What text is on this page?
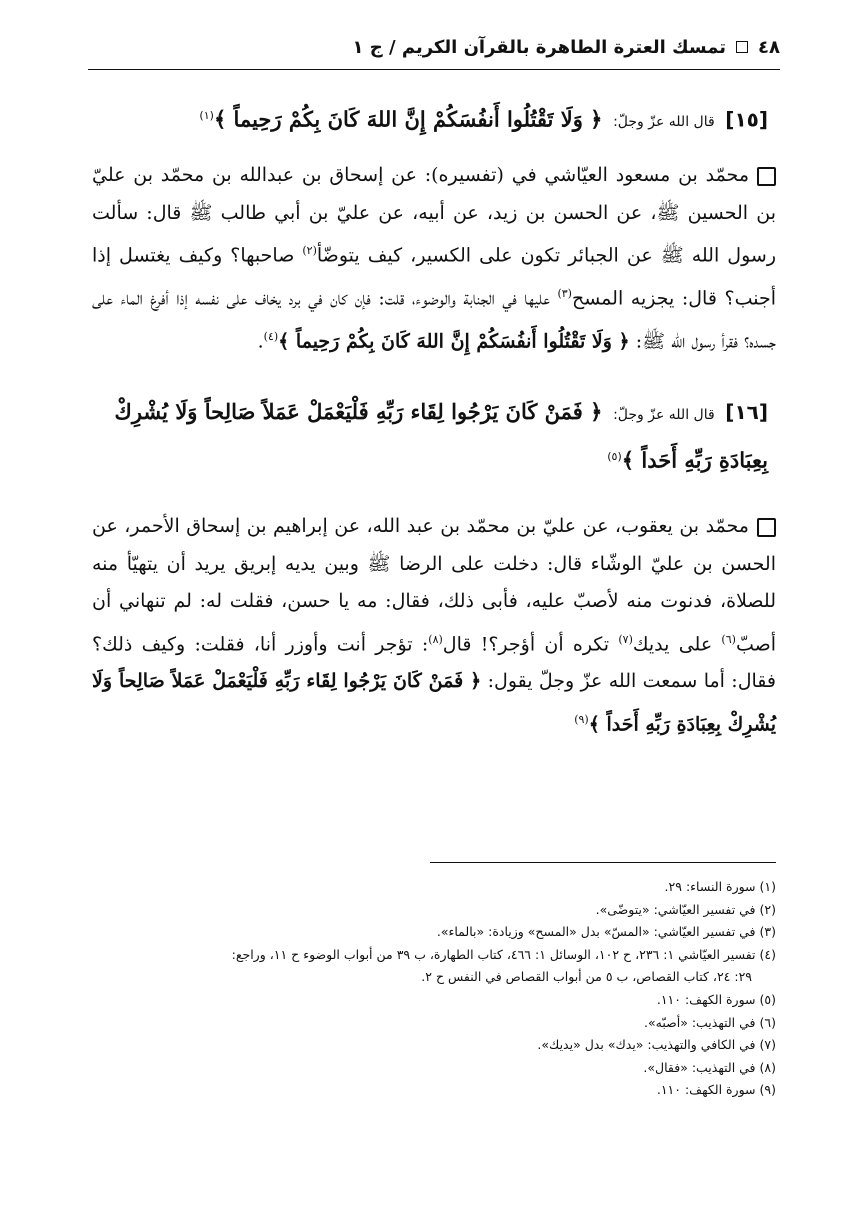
٤٨
تمسك العترة الطاهرة بالقرآن الكريم / ج ١

[١٥] قال الله عزّ وجلّ: ﴿ وَلَا تَقْتُلُوا أَنفُسَكُمْ إِنَّ اللهَ كَانَ بِكُمْ رَحِيماً ﴾$^{(١)}$

محمّد بن مسعود العيّاشي في (تفسيره): عن إسحاق بن عبدالله بن محمّد بن عليّ بن الحسين ﷺ، عن الحسن بن زيد، عن أبيه، عن عليّ بن أبي طالب ﷺ قال: سألت رسول الله ﷺ عن الجبائر تكون على الكسير، كيف يتوضّأ$^{(٢)}$ صاحبها؟ وكيف يغتسل إذا أجنب؟ قال: يجزيه المسح$^{(٣)}$ عليها في الجنابة والوضوء، قلت: فإن كان في برد يخاف على نفسه إذا أفرغ الماء على جسده؟ فقرأ رسول الله ﷺ: ﴿ وَلَا تَقْتُلُوا أَنفُسَكُمْ إِنَّ اللهَ كَانَ بِكُمْ رَحِيماً ﴾$^{(٤)}$.

[١٦] قال الله عزّ وجلّ: ﴿ فَمَنْ كَانَ يَرْجُوا لِقَاء رَبِّهِ فَلْيَعْمَلْ عَمَلاً صَالِحاً وَلَا يُشْرِكْ بِعِبَادَةِ رَبِّهِ أَحَداً ﴾$^{(٥)}$

محمّد بن يعقوب، عن عليّ بن محمّد بن عبد الله، عن إبراهيم بن إسحاق الأحمر، عن الحسن بن عليّ الوشّاء قال: دخلت على الرضا ﷺ وبين يديه إبريق يريد أن يتهيّأ منه للصلاة، فدنوت منه لأصبّ عليه، فأبى ذلك، فقال: مه يا حسن، فقلت له: لم تنهاني أن أصبّ$^{(٦)}$ على يديك$^{(٧)}$ تكره أن أؤجر؟! قال$^{(٨)}$: تؤجر أنت وأوزر أنا، فقلت: وكيف ذلك؟ فقال: أما سمعت الله عزّ وجلّ يقول: ﴿ فَمَنْ كَانَ يَرْجُوا لِقَاء رَبِّهِ فَلْيَعْمَلْ عَمَلاً صَالِحاً وَلَا يُشْرِكْ بِعِبَادَةِ رَبِّهِ أَحَداً ﴾$^{(٩)}$

(١) سورة النساء: ٢٩.

(٢) في تفسير العيّاشي: «يتوضّى».

(٣) في تفسير العيّاشي: «المسّ» بدل «المسح» وزيادة: «بالماء».

(٤) تفسير العيّاشي ١: ٢٣٦، ح ١٠٢، الوسائل ١: ٤٦٦، كتاب الطهارة، ب ٣٩ من أبواب الوضوء ح ١١، وراجع:

٢٩: ٢٤، كتاب القصاص، ب ٥ من أبواب القصاص في النفس ح ٢.

(٥) سورة الكهف: ١١٠.

(٦) في التهذيب: «أصبّه».

(٧) في الكافي والتهذيب: «يدك» بدل «يديك».

(٨) في التهذيب: «فقال».

(٩) سورة الكهف: ١١٠.
